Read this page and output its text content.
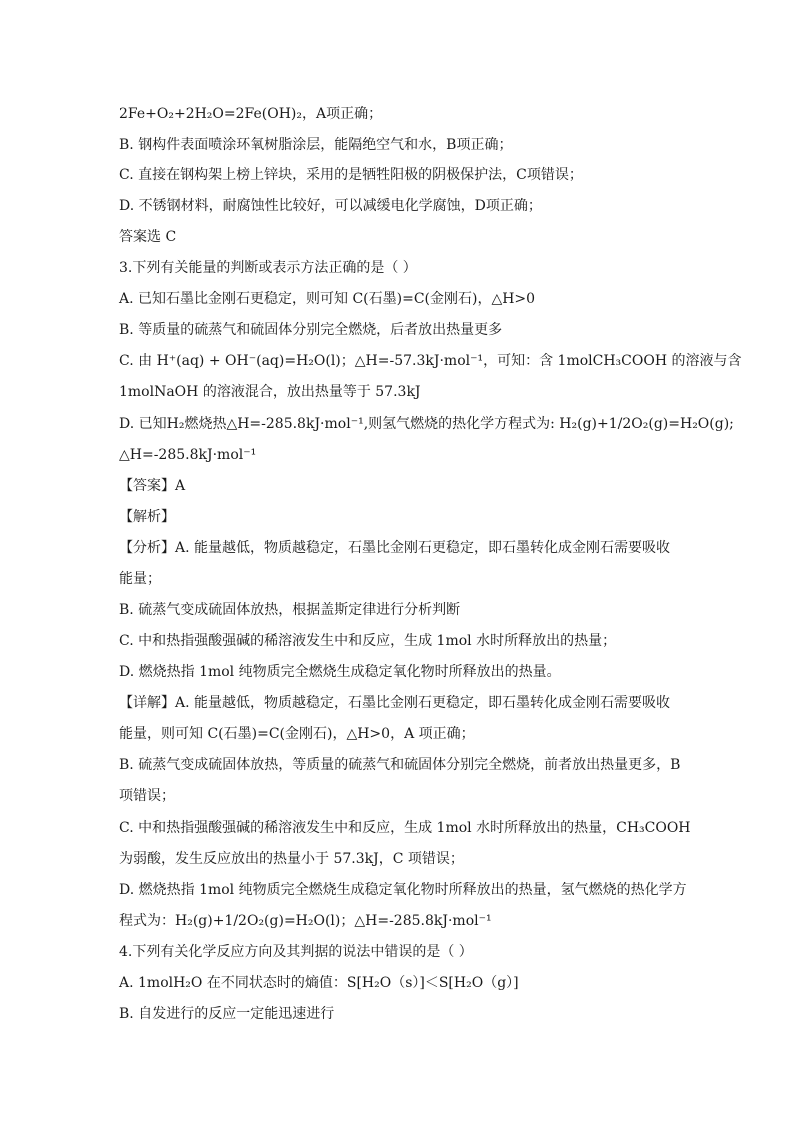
2Fe+O₂+2H₂O=2Fe(OH)₂，A项正确；
B. 钢构件表面喷涂环氧树脂涂层，能隔绝空气和水，B项正确；
C. 直接在钢构架上榜上锌块，采用的是牺牲阳极的阴极保护法，C项错误；
D. 不锈钢材料，耐腐蚀性比较好，可以减缓电化学腐蚀，D项正确；
答案选 C
3.下列有关能量的判断或表示方法正确的是（ ）
A. 已知石墨比金刚石更稳定，则可知 C(石墨)=C(金刚石)，△H>0
B. 等质量的硫蒸气和硫固体分别完全燃烧，后者放出热量更多
C. 由 H⁺(aq) + OH⁻(aq)=H₂O(l)；△H=-57.3kJ·mol⁻¹，可知：含 1molCH₃COOH 的溶液与含
1molNaOH 的溶液混合，放出热量等于 57.3kJ
D. 已知H₂燃烧热△H=-285.8kJ·mol⁻¹,则氢气燃烧的热化学方程式为: H₂(g)+1/2O₂(g)=H₂O(g);
△H=-285.8kJ·mol⁻¹
【答案】A
【解析】
【分析】A. 能量越低，物质越稳定，石墨比金刚石更稳定，即石墨转化成金刚石需要吸收
能量；
B. 硫蒸气变成硫固体放热，根据盖斯定律进行分析判断
C. 中和热指强酸强碱的稀溶液发生中和反应，生成 1mol 水时所释放出的热量；
D. 燃烧热指 1mol 纯物质完全燃烧生成稳定氧化物时所释放出的热量。
【详解】A. 能量越低，物质越稳定，石墨比金刚石更稳定，即石墨转化成金刚石需要吸收
能量，则可知 C(石墨)=C(金刚石)，△H>0，A 项正确；
B. 硫蒸气变成硫固体放热，等质量的硫蒸气和硫固体分别完全燃烧，前者放出热量更多，B
项错误；
C. 中和热指强酸强碱的稀溶液发生中和反应，生成 1mol 水时所释放出的热量，CH₃COOH
为弱酸，发生反应放出的热量小于 57.3kJ，C 项错误；
D. 燃烧热指 1mol 纯物质完全燃烧生成稳定氧化物时所释放出的热量，氢气燃烧的热化学方
程式为：H₂(g)+1/2O₂(g)=H₂O(l)；△H=-285.8kJ·mol⁻¹
4.下列有关化学反应方向及其判据的说法中错误的是（ ）
A. 1molH₂O 在不同状态时的熵值：S[H₂O（s）]＜S[H₂O（g）]
B. 自发进行的反应一定能迅速进行
